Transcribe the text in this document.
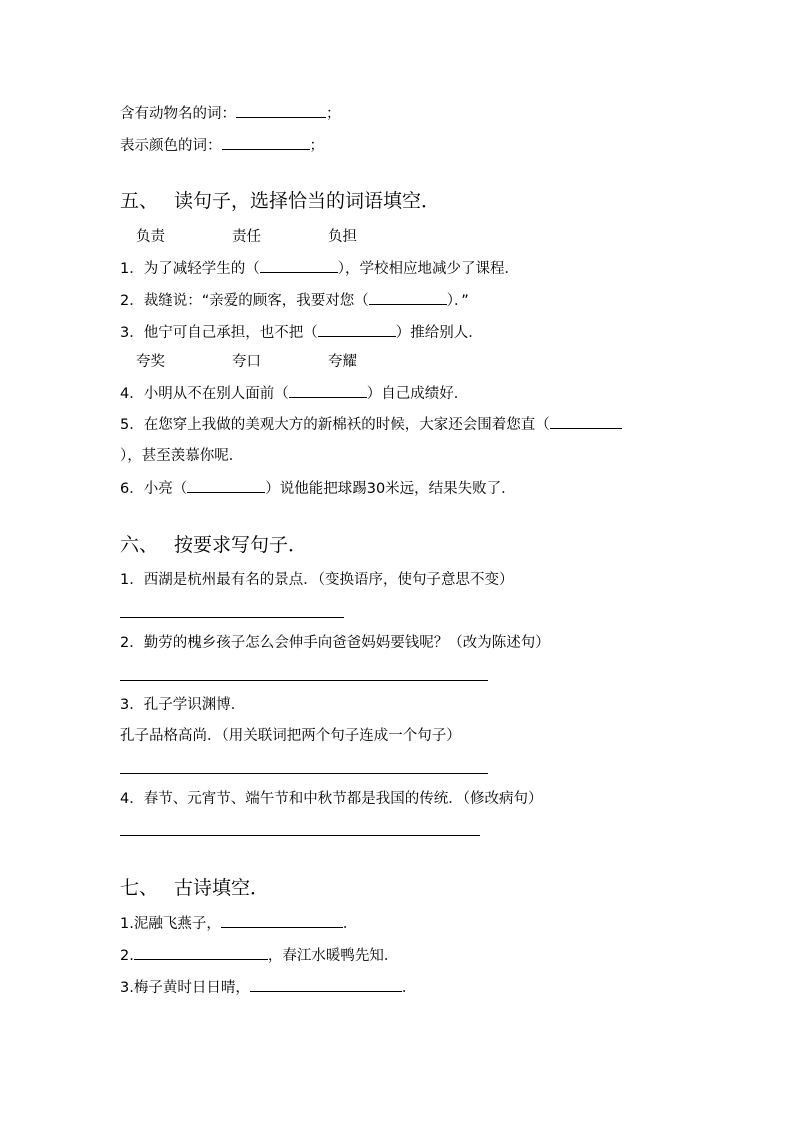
含有动物名的词：	；
表示颜色的词：	；
五、 读句子，选择恰当的词语填空．
负责	责任	负担
1．为了减轻学生的（	），学校相应地减少了课程．
2．裁缝说：“亲爱的顾客，我要对您（	）．”
3．他宁可自己承担，也不把（	）推给别人．
夸奖	夸口	夸耀
4．小明从不在别人面前（	）自己成绩好．
5．在您穿上我做的美观大方的新棉袄的时候，大家还会围着您直（
），甚至羡慕你呢．
6．小亮（	）说他能把球踢30米远，结果失败了．
六、 按要求写句子．
1．西湖是杭州最有名的景点．（变换语序，使句子意思不变）
2．勤劳的槐乡孩子怎么会伸手向爸爸妈妈要钱呢？（改为陈述句）
3．孔子学识渊博．
孔子品格高尚．（用关联词把两个句子连成一个句子）
4．春节、元宵节、端午节和中秋节都是我国的传统．（修改病句）
七、 古诗填空．
1.泥融飞燕子，	．
2.	，春江水暖鸭先知．
3.梅子黄时日日晴，	．
